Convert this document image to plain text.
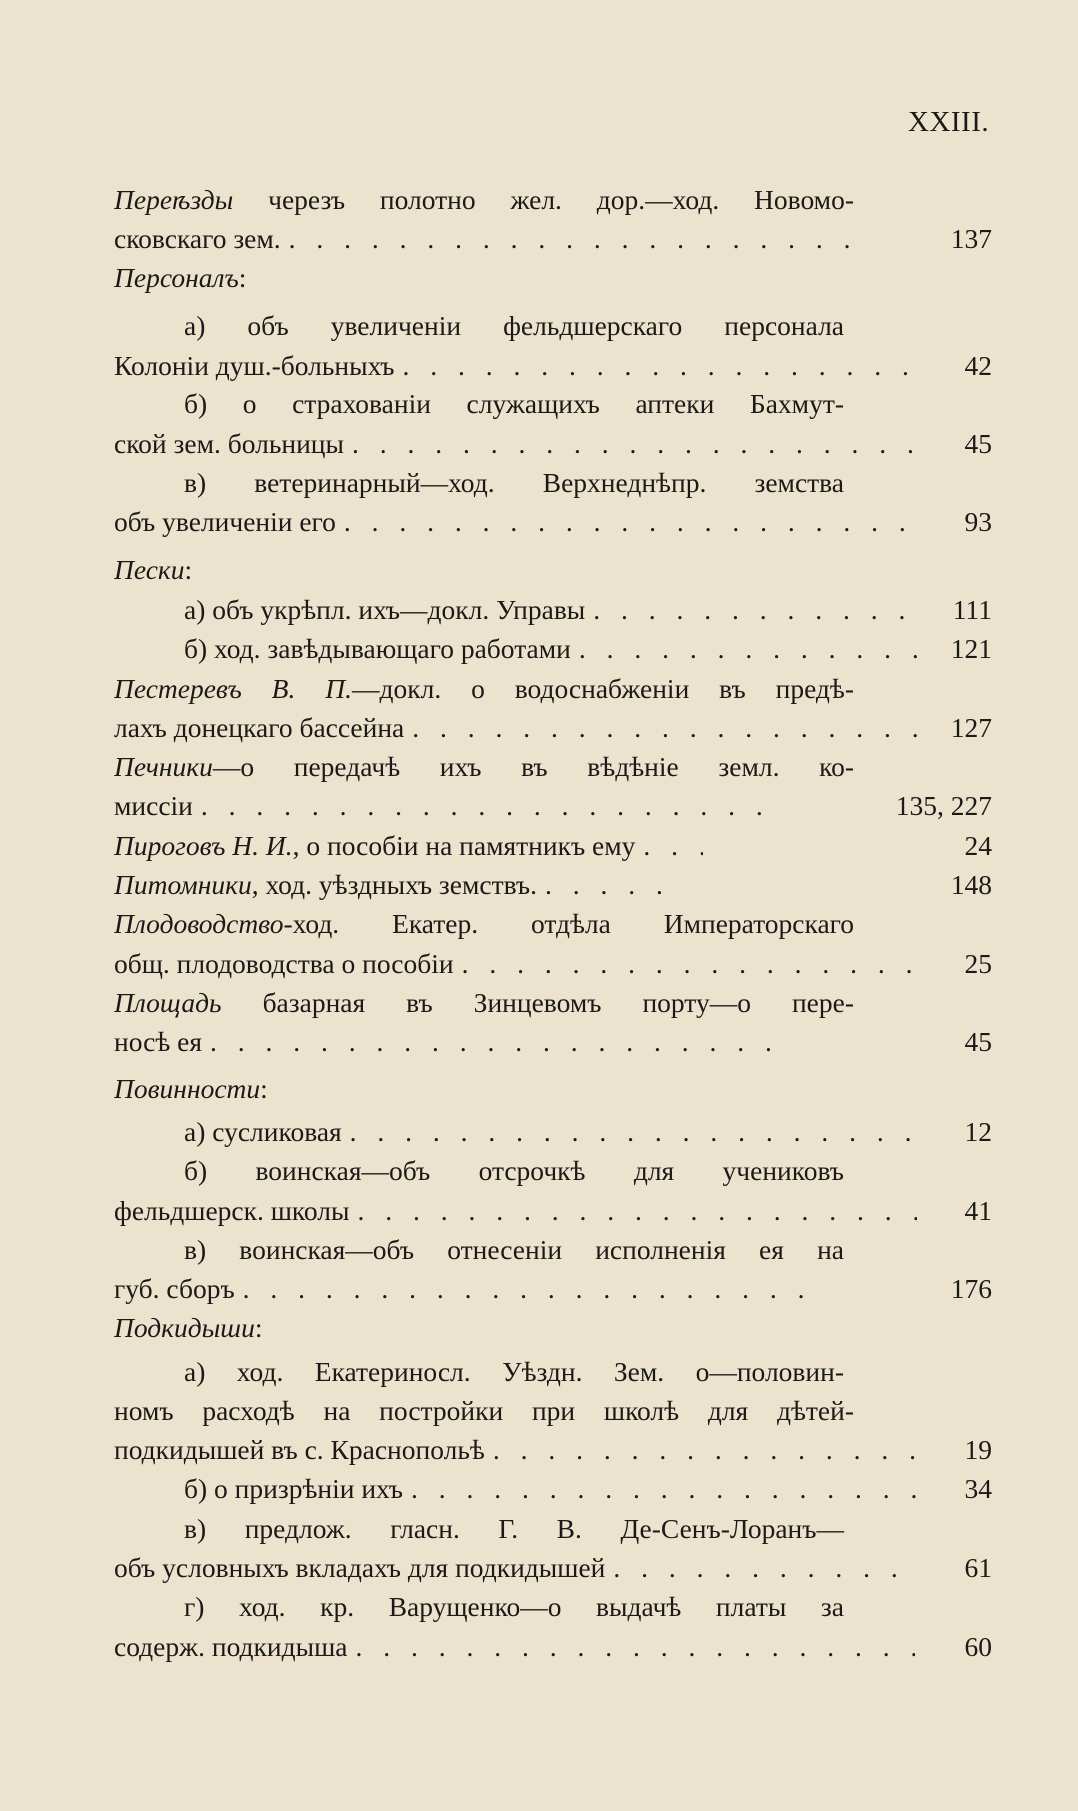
XXIII.
Переѣзды черезъ полотно жел. дор.—ход. Новомо-
сковскаго зем. . . .	137
Персоналъ:
а) объ увеличеніи фельдшерскаго персонала
Колоніи душ.-больныхъ . . .	42
б) о страхованіи служащихъ аптеки Бахмут-
ской зем. больницы . . .	45
в) ветеринарный—ход. Верхнеднѣпр. земства
объ увеличеніи его . . .	93
Пески:
а) объ укрѣпл. ихъ—докл. Управы . . .	111
б) ход. завѣдывающаго работами . . .	121
Пестеревъ В. П.—докл. о водоснабженіи въ предѣ-
лахъ донецкаго бассейна . . .	127
Печники—о передачѣ ихъ въ вѣдѣніе земл. ко-
миссіи . . .	135, 227
Пироговъ Н. И., о пособіи на памятникъ ему . . .	24
Питомники, ход. уѣздныхъ земствъ. . . .	148
Плодоводство-ход. Екатер. отдѣла Императорскаго
общ. плодоводства о пособіи . . .	25
Площадь базарная въ Зинцевомъ порту—о пере-
носѣ ея . . .	45
Повинности:
а) сусликовая . . .	12
б) воинская—объ отсрочкѣ для учениковъ
фельдшерск. школы . . .	41
в) воинская—объ отнесеніи исполненія ея на
губ. сборъ . . .	176
Подкидыши:
а) ход. Екатериносл. Уѣздн. Зем. о—половин-
номъ расходѣ на постройки при школѣ для дѣтей-
подкидышей въ с. Краснопольѣ . . .	19
б) о призрѣніи ихъ . . .	34
в) предлож. гласн. Г. В. Де-Сенъ-Лоранъ—
объ условныхъ вкладахъ для подкидышей . . .	61
г) ход. кр. Варущенко—о выдачѣ платы за
содерж. подкидыша . . .	60
